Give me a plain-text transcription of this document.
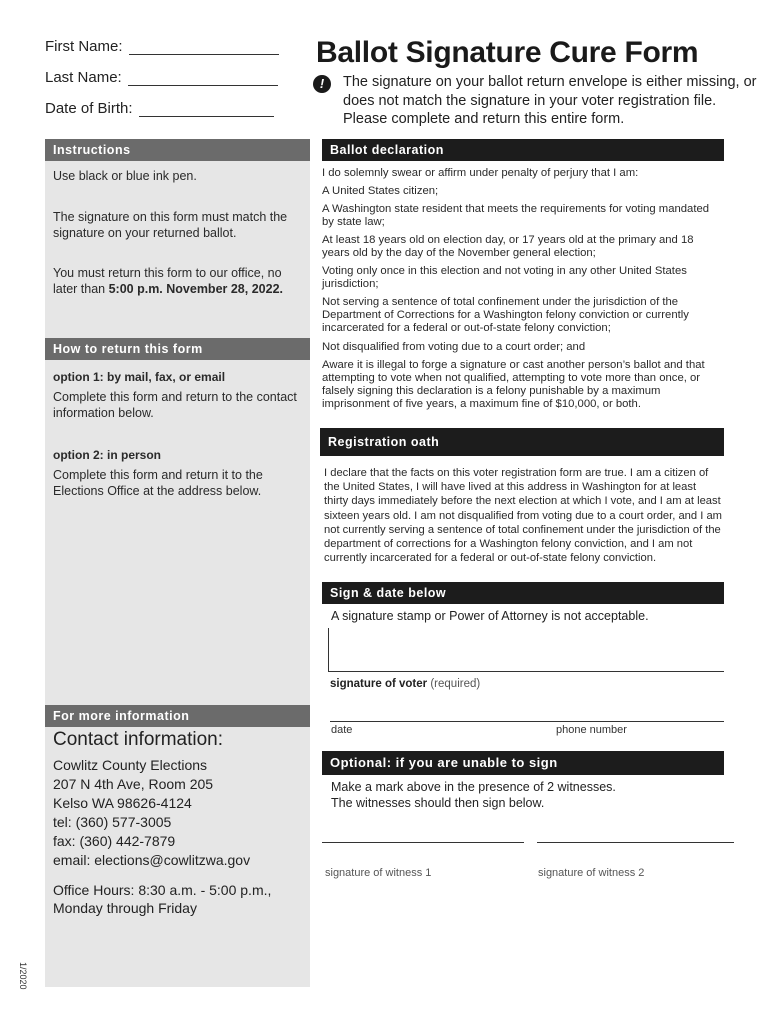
First Name:
Last Name:
Date of Birth:
Ballot Signature Cure Form
!	The signature on your ballot return envelope is either missing, or does not match the signature in your voter registration file. Please complete and return this entire form.
Instructions
Use black or blue ink pen.
The signature on this form must match the signature on your returned ballot.
You must return this form to our office, no later than 5:00 p.m. November 28, 2022.
How to return this form
option 1: by mail, fax, or email
Complete this form and return to the contact information below.
option 2: in person
Complete this form and return it to the Elections Office at the address below.
For more information
Contact information:
Cowlitz County Elections
207 N 4th Ave, Room 205
Kelso WA 98626-4124
tel: (360) 577-3005
fax: (360) 442-7879
email: elections@cowlitzwa.gov
Office Hours: 8:30 a.m. - 5:00 p.m.,
Monday through Friday
1/2020
Ballot declaration
I do solemnly swear or affirm under penalty of perjury that I am:
A United States citizen;
A Washington state resident that meets the requirements for voting mandated by state law;
At least 18 years old on election day, or 17 years old at the primary and 18 years old by the day of the November general election;
Voting only once in this election and not voting in any other United States jurisdiction;
Not serving a sentence of total confinement under the jurisdiction of the Department of Corrections for a Washington felony conviction or currently incarcerated for a federal or out-of-state felony conviction;
Not disqualified from voting due to a court order; and
Aware it is illegal to forge a signature or cast another person’s ballot and that attempting to vote when not qualified, attempting to vote more than once, or falsely signing this declaration is a felony punishable by a maximum imprisonment of five years, a maximum fine of $10,000, or both.
Registration oath
I declare that the facts on this voter registration form are true. I am a citizen of the United States, I will have lived at this address in Washington for at least thirty days immediately before the next election at which I vote, and I am at least sixteen years old. I am not disqualified from voting due to a court order, and I am not currently serving a sentence of total confinement under the jurisdiction of the department of corrections for a Washington felony conviction, and I am not currently incarcerated for a federal or out-of-state felony conviction.
Sign & date below
A signature stamp or Power of Attorney is not acceptable.
signature of voter (required)
date	phone number
Optional: if you are unable to sign
Make a mark above in the presence of 2 witnesses.
The witnesses should then sign below.
signature of witness 1	signature of witness 2
